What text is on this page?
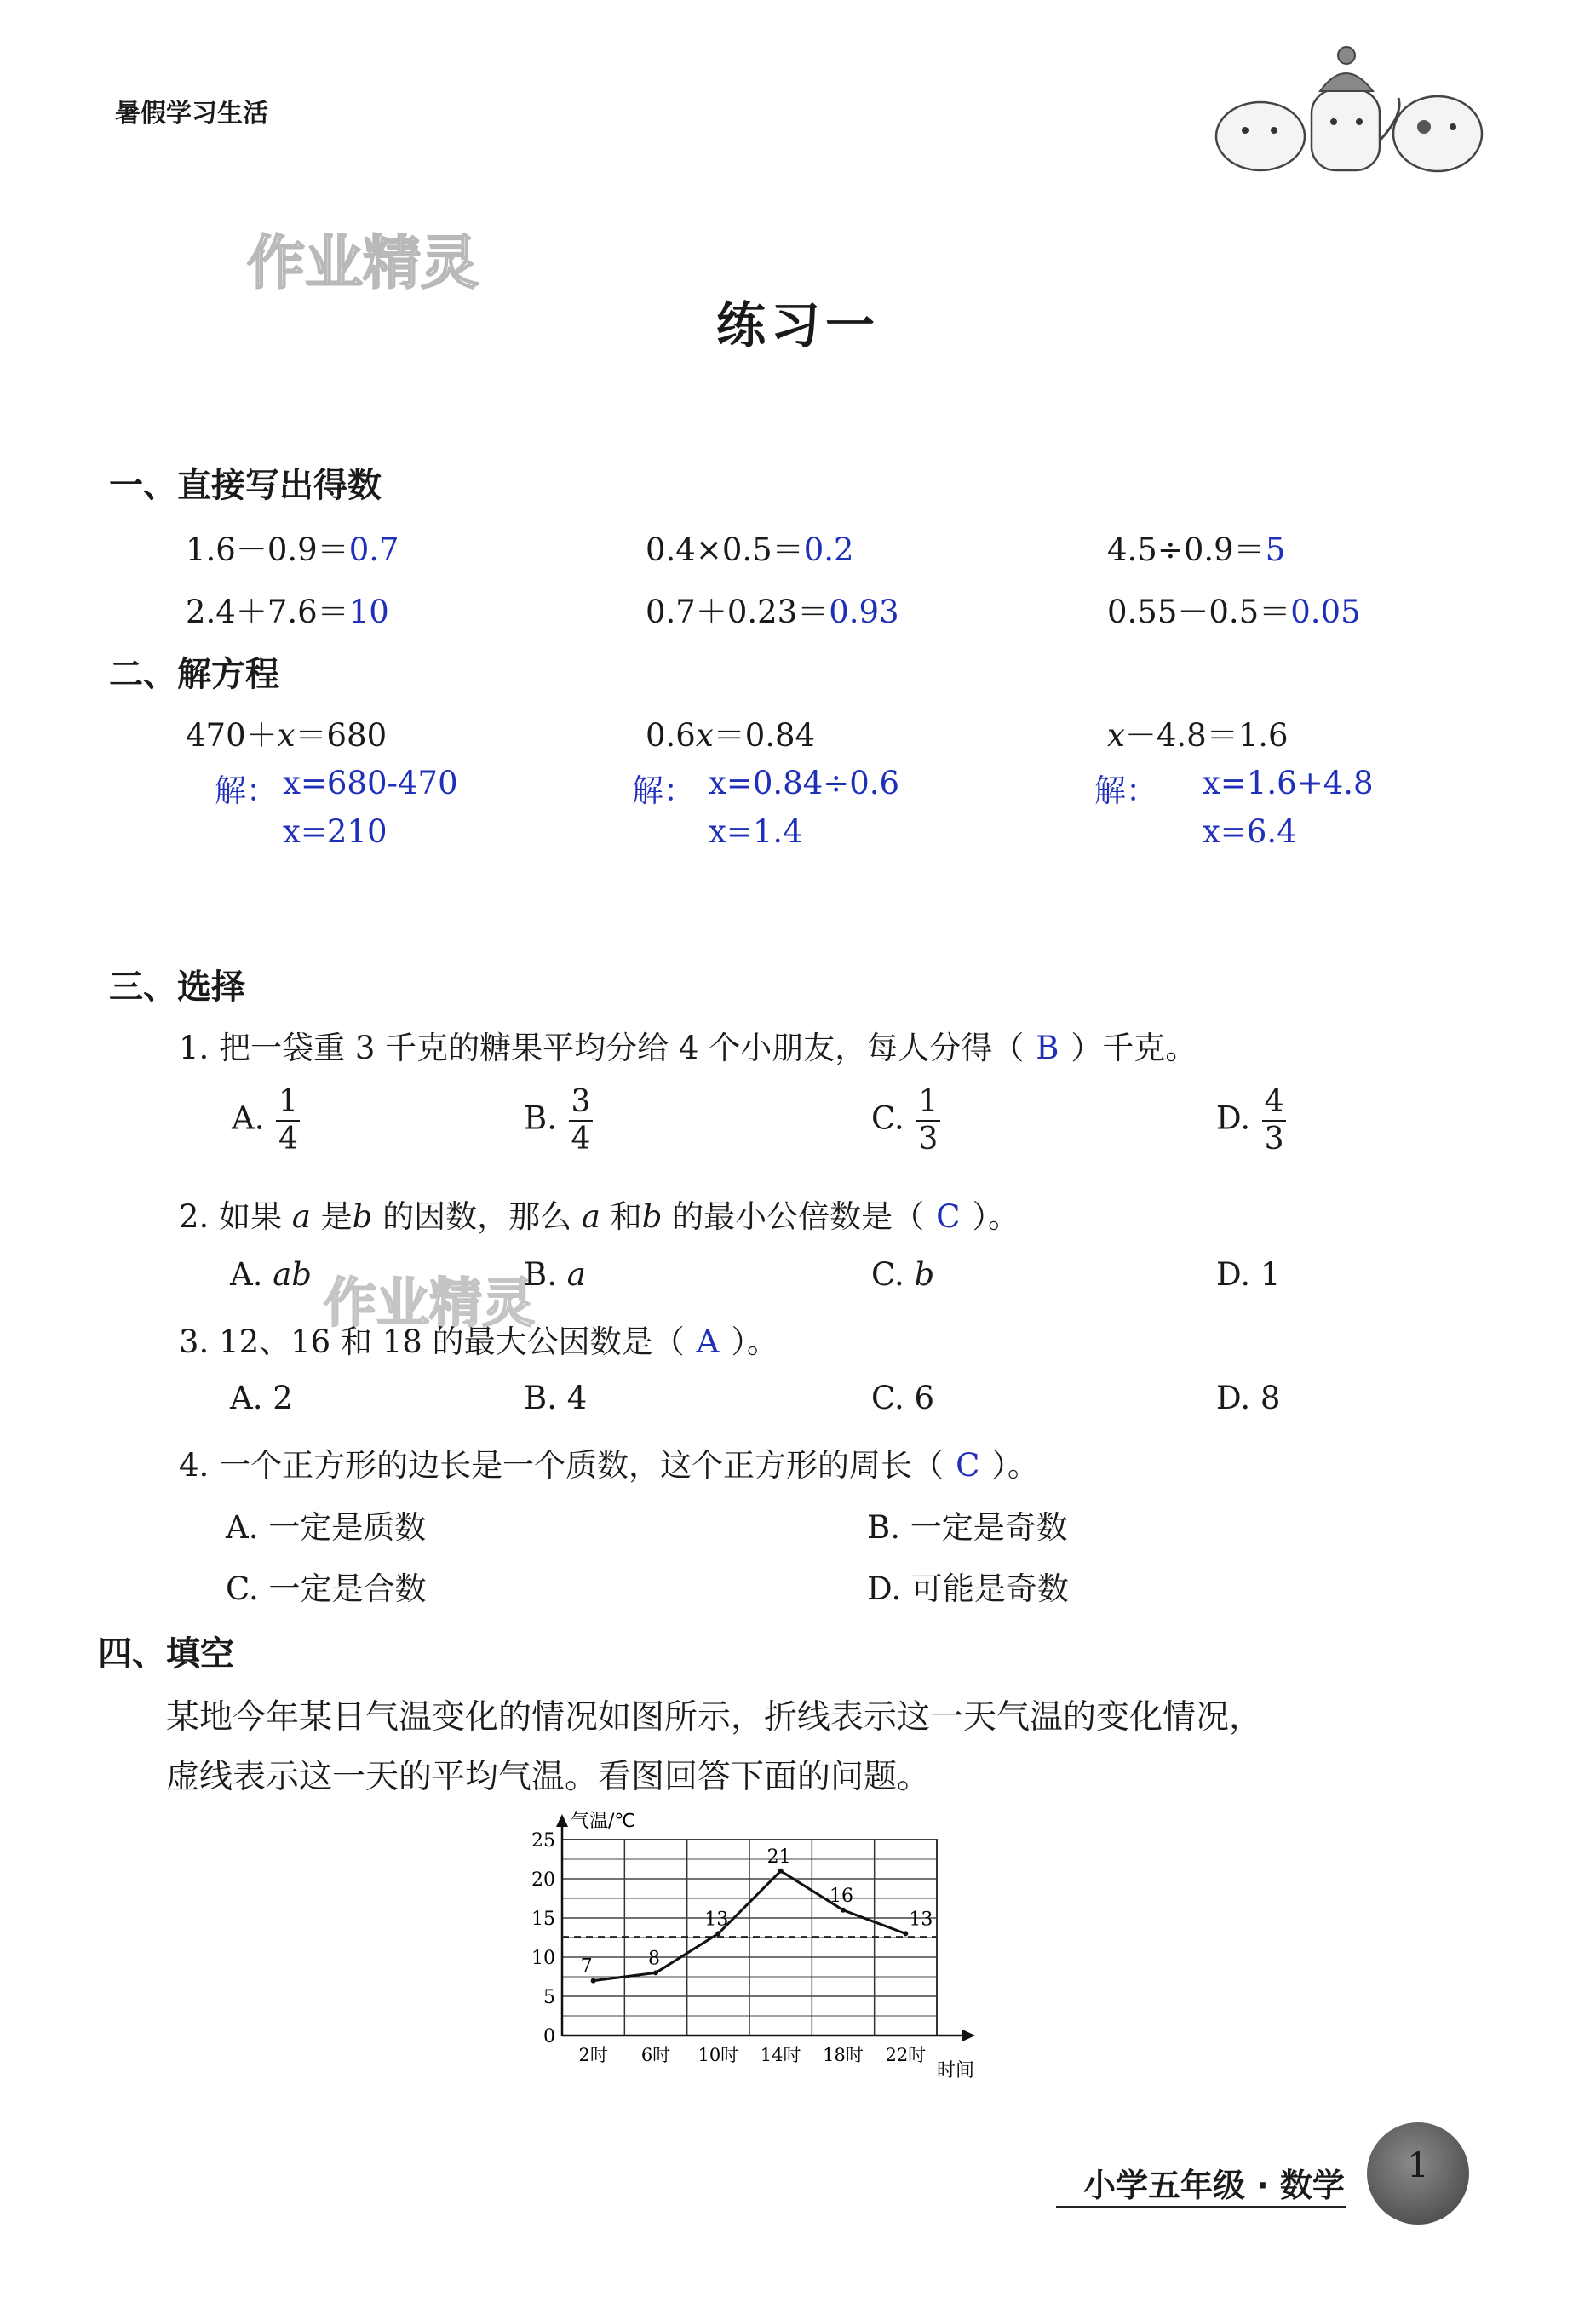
暑假学习生活
作业精灵
作业精灵
练习一
一、直接写出得数
1.6－0.9＝0.7	0.4×0.5＝0.2	4.5÷0.9＝5
2.4＋7.6＝10	0.7＋0.23＝0.93	0.55－0.5＝0.05
二、解方程
470＋x＝680
解： x=680-470
x=210
0.6x＝0.84
解： x=0.84÷0.6
x=1.4
x－4.8＝1.6
解： x=1.6+4.8
x=6.4
三、选择
1. 把一袋重 3 千克的糖果平均分给 4 个小朋友，每人分得（ B ）千克。
A. $\frac{1}{4}$	B. $\frac{3}{4}$	C. $\frac{1}{3}$	D. $\frac{4}{3}$
2. 如果 a 是b 的因数，那么 a 和b 的最小公倍数是（ C ）。
A. ab	B. a	C. b	D. 1
3. 12、16 和 18 的最大公因数是（ A ）。
A. 2	B. 4	C. 6	D. 8
4. 一个正方形的边长是一个质数，这个正方形的周长（ C ）。
A. 一定是质数	B. 一定是奇数
C. 一定是合数	D. 可能是奇数
四、填空
某地今年某日气温变化的情况如图所示，折线表示这一天气温的变化情况，
虚线表示这一天的平均气温。看图回答下面的问题。
0
5
10
15
20
25
2时 6时 10时 14时 18时 22时
7	8
13
21
16
13
气温/℃
时间
小学五年级 · 数学	1
